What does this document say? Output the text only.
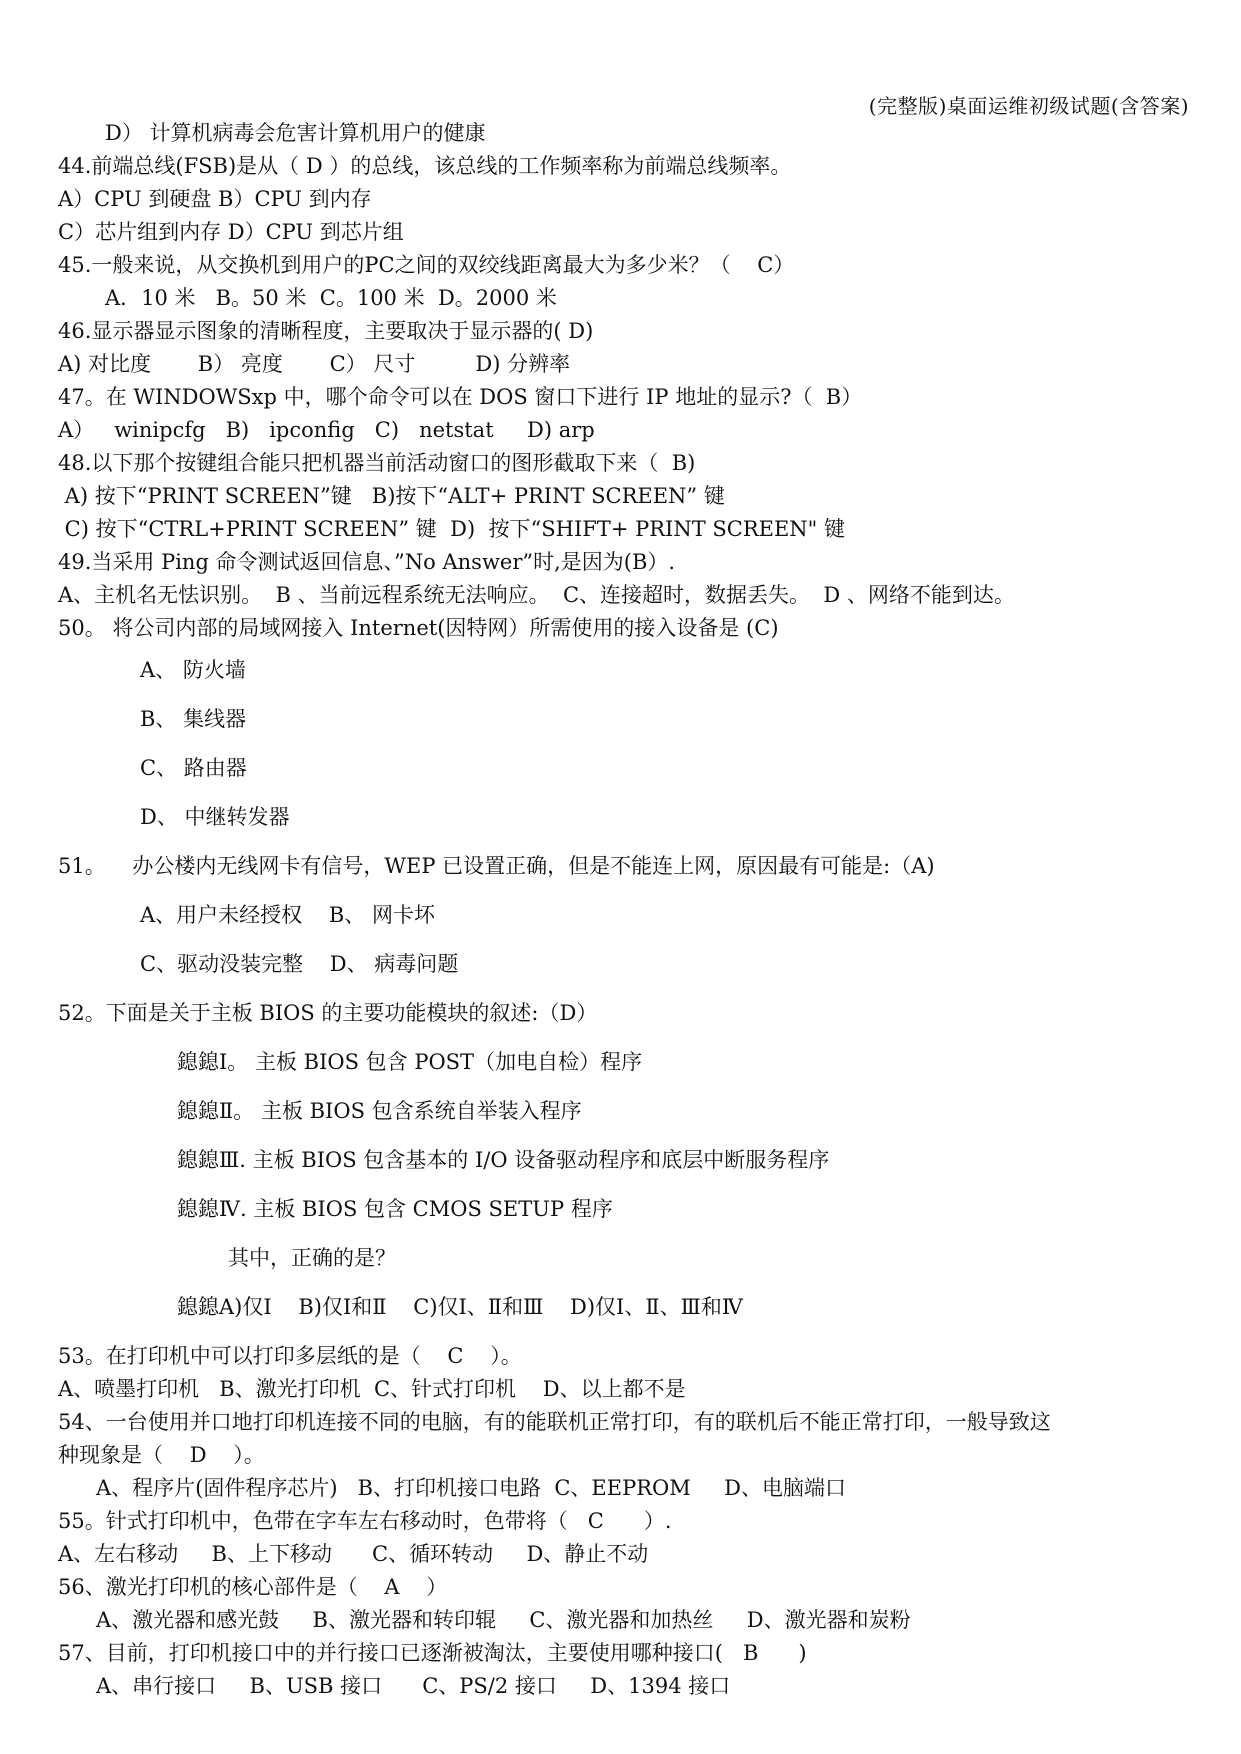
(完整版)桌面运维初级试题(含答案)
D） 计算机病毒会危害计算机用户的健康
44.前端总线(FSB)是从（ D ）的总线，该总线的工作频率称为前端总线频率。
A）CPU 到硬盘 B）CPU 到内存
C）芯片组到内存 D）CPU 到芯片组
45.一般来说，从交换机到用户的PC之间的双绞线距离最大为多少米？（    C）
A．10 米   B。50 米  C。100 米  D。2000 米
46.显示器显示图象的清晰程度，主要取决于显示器的( D)
A) 对比度       B） 亮度       C） 尺寸         D) 分辨率
47。在 WINDOWSxp 中，哪个命令可以在 DOS 窗口下进行 IP 地址的显示?（  B）
A）   winipcfg   B)   ipconfig   C)   netstat     D) arp
48.以下那个按键组合能只把机器当前活动窗口的图形截取下来（  B)
A) 按下“PRINT SCREEN”键   B)按下“ALT+ PRINT SCREEN” 键
C) 按下“CTRL+PRINT SCREEN” 键  D)  按下“SHIFT+ PRINT SCREEN" 键
49.当采用 Ping 命令测试返回信息、”No Answer”时,是因为(B）.
A、主机名无怯识别。  B 、当前远程系统无法响应。  C、连接超时，数据丢失。  D 、网络不能到达。
50。 将公司内部的局域网接入 Internet(因特网）所需使用的接入设备是 (C)
A、 防火墙
B、 集线器
C、 路由器
D、 中继转发器
51。    办公楼内无线网卡有信号，WEP 已设置正确，但是不能连上网，原因最有可能是:（A)
A、用户未经授权    B、 网卡坏
C、驱动没装完整    D、 病毒问题
52。下面是关于主板 BIOS 的主要功能模块的叙述:（D）
鎴鎴Ⅰ。 主板 BIOS 包含 POST（加电自检）程序
鎴鎴Ⅱ。 主板 BIOS 包含系统自举装入程序
鎴鎴Ⅲ. 主板 BIOS 包含基本的 I/O 设备驱动程序和底层中断服务程序
鎴鎴Ⅳ. 主板 BIOS 包含 CMOS SETUP 程序
其中，正确的是？
鎴鎴A)仅Ⅰ    B)仅Ⅰ和Ⅱ    C)仅Ⅰ、Ⅱ和Ⅲ    D)仅Ⅰ、Ⅱ、Ⅲ和Ⅳ
53。在打印机中可以打印多层纸的是（    C    ）。
A、喷墨打印机   B、激光打印机  C、针式打印机    D、以上都不是
54、一台使用并口地打印机连接不同的电脑，有的能联机正常打印，有的联机后不能正常打印，一般导致这
种现象是（    D    ）。
A、程序片(固件程序芯片)   B、打印机接口电路  C、EEPROM     D、电脑端口
55。针式打印机中，色带在字车左右移动时，色带将（   C      ）.
A、左右移动     B、上下移动      C、循环转动     D、静止不动
56、激光打印机的核心部件是（    A    ）
A、激光器和感光鼓     B、激光器和转印辊     C、激光器和加热丝     D、激光器和炭粉
57、目前，打印机接口中的并行接口已逐渐被淘汰，主要使用哪种接口(   B      )
A、串行接口     B、USB 接口      C、PS/2 接口     D、1394 接口
